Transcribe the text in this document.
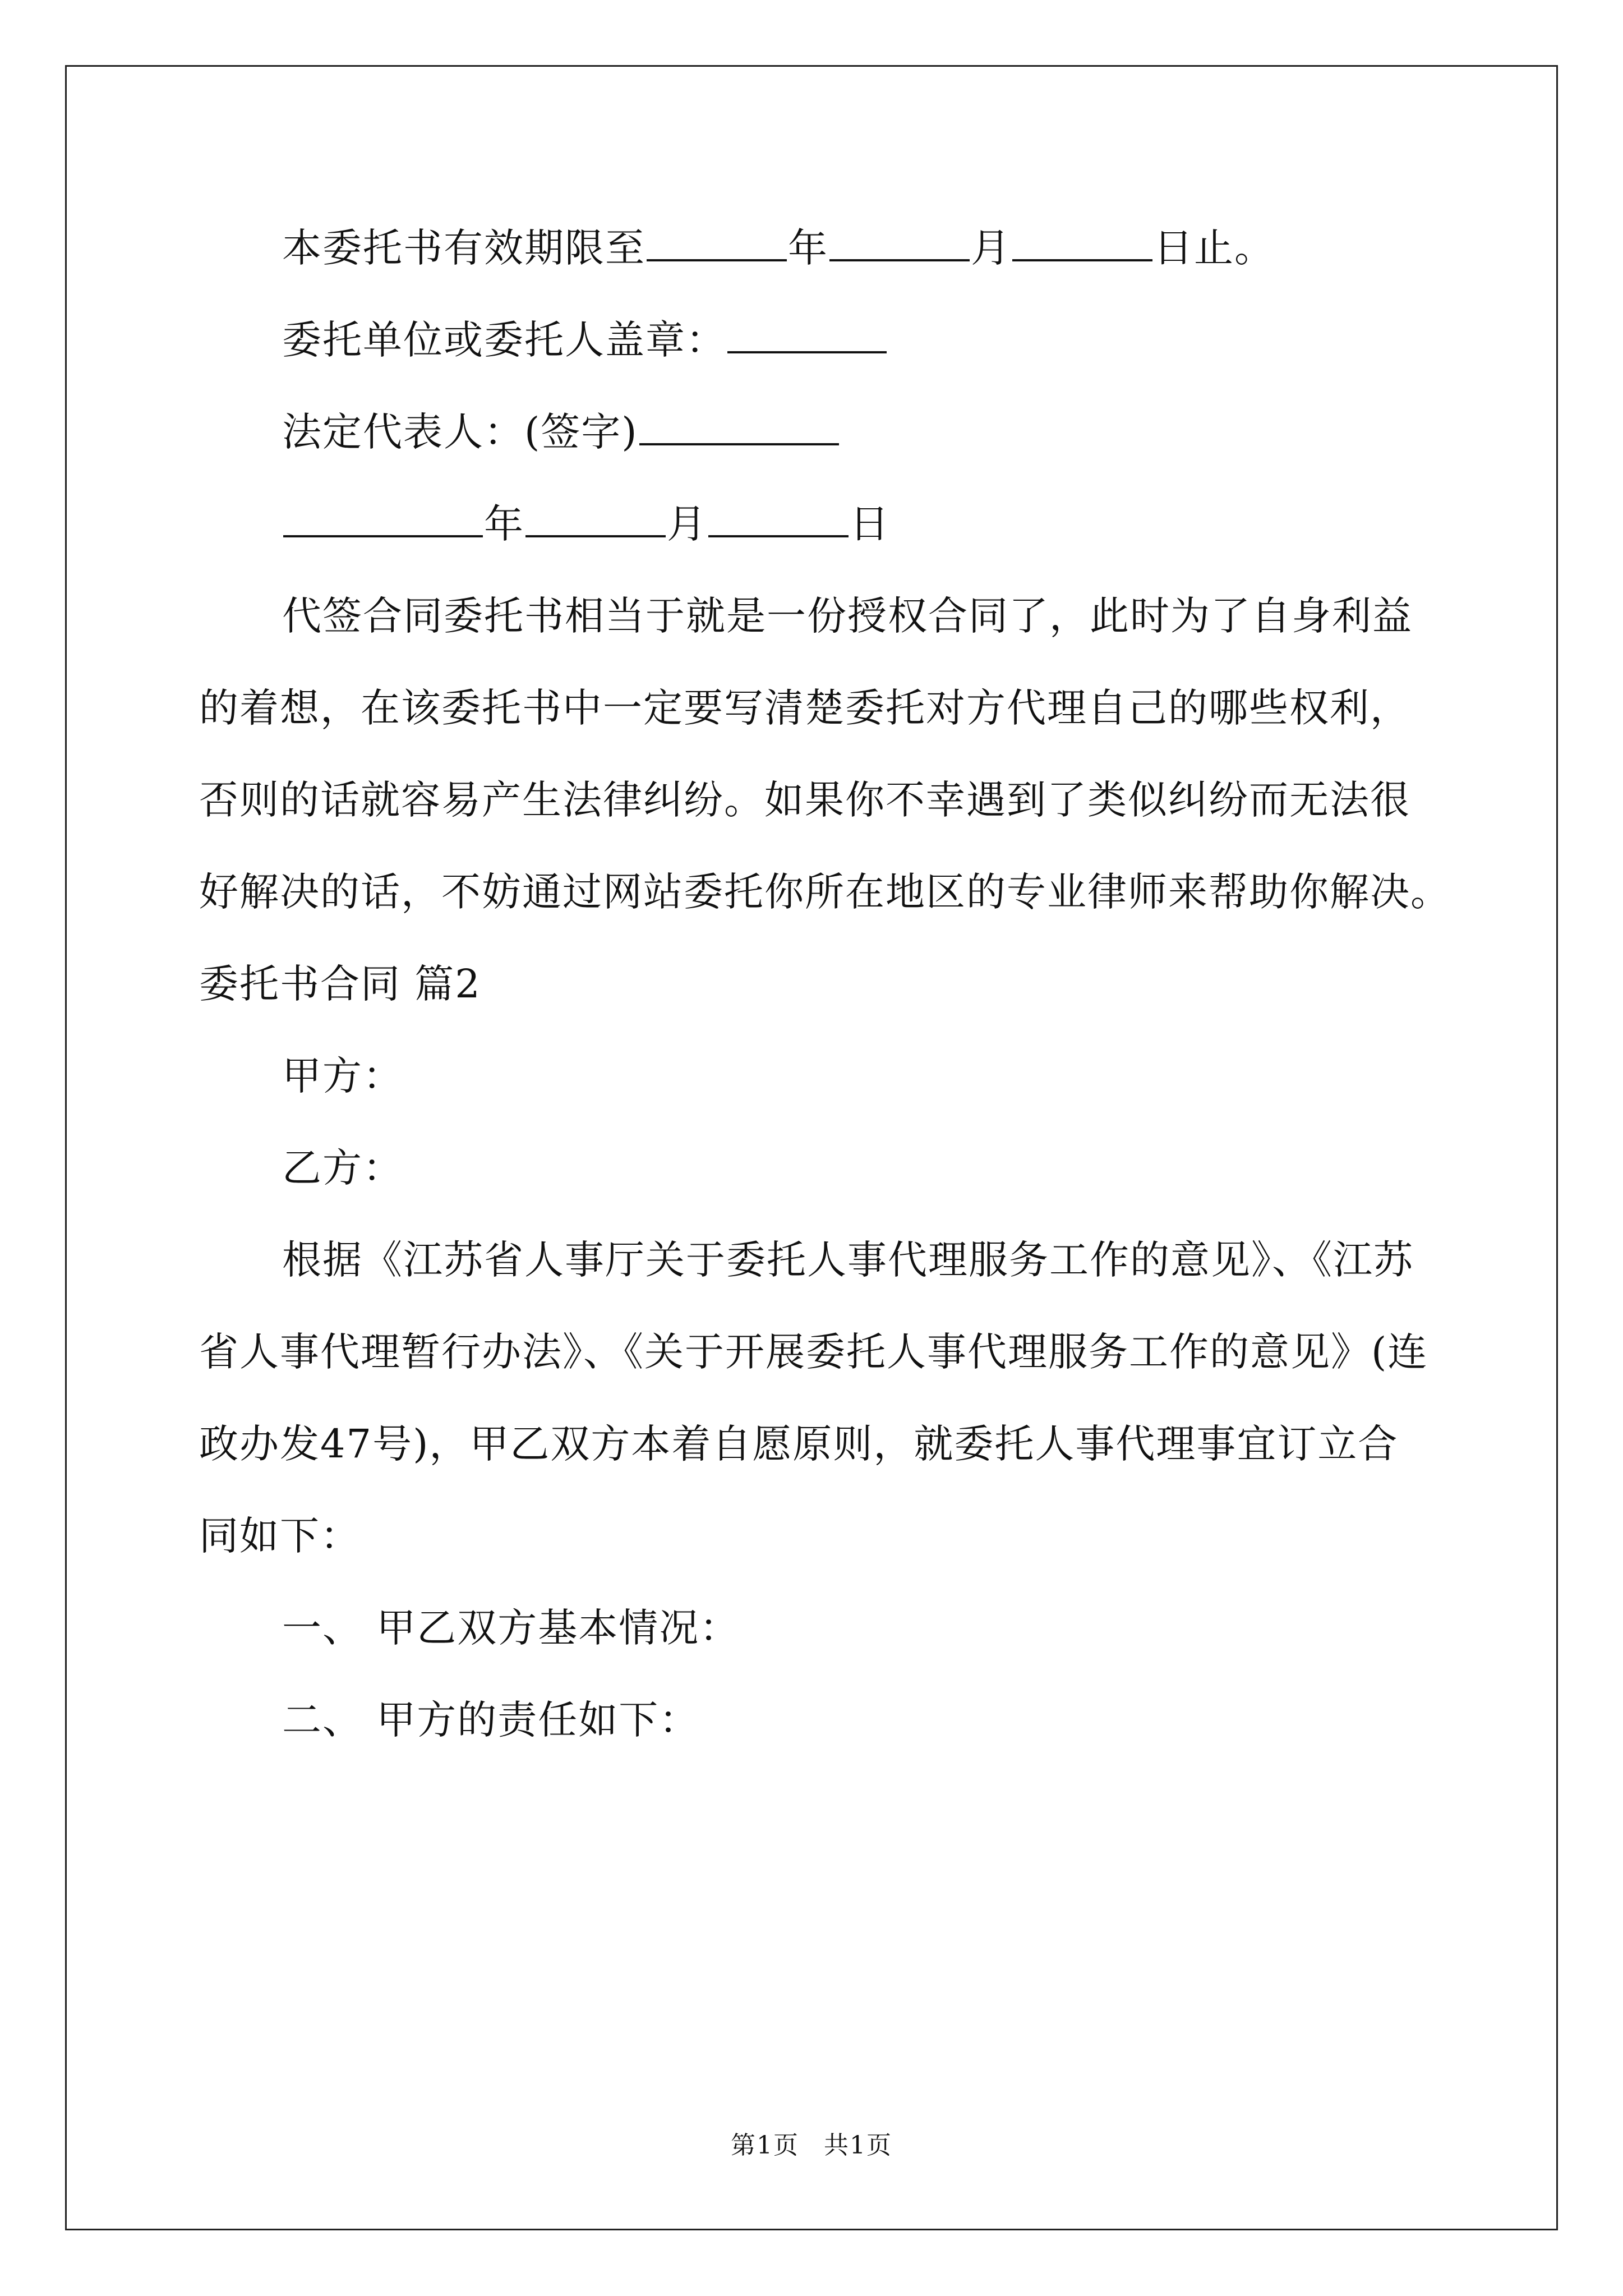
本委托书有效期限至	年	月	日止。
委托单位或委托人盖章：
法定代表人：(签字)
年	月	日
代签合同委托书相当于就是一份授权合同了，此时为了自身利益
的着想，在该委托书中一定要写清楚委托对方代理自己的哪些权利，
否则的话就容易产生法律纠纷。如果你不幸遇到了类似纠纷而无法很
好解决的话，不妨通过网站委托你所在地区的专业律师来帮助你解决。
委托书合同 篇2
甲方：
乙方：
根据《江苏省人事厅关于委托人事代理服务工作的意见》、《江苏
省人事代理暂行办法》、《关于开展委托人事代理服务工作的意见》(连
政办发47号)，甲乙双方本着自愿原则，就委托人事代理事宜订立合
同如下：
一、 甲乙双方基本情况：
二、 甲方的责任如下：
第1页 共1页
